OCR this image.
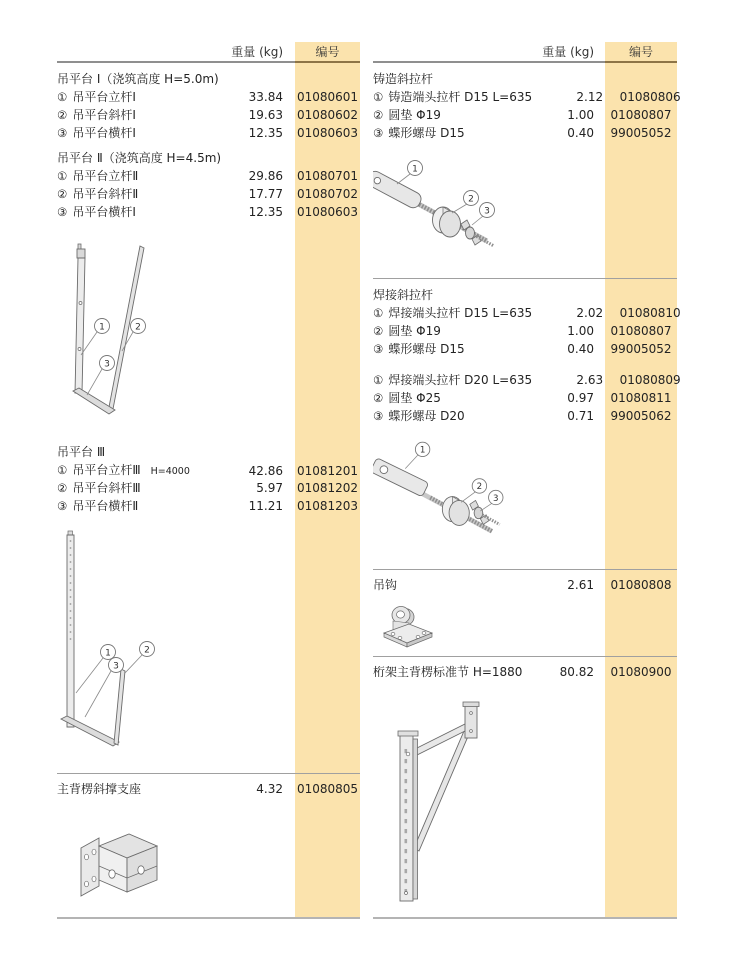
重量 (kg)	编号
吊平台 Ⅰ（浇筑高度 H=5.0m)
① 吊平台立杆Ⅰ	33.84 01080601
② 吊平台斜杆Ⅰ	19.63 01080602
③ 吊平台横杆Ⅰ	12.35 01080603
吊平台 Ⅱ（浇筑高度 H=4.5m)
① 吊平台立杆Ⅱ	29.86 01080701
② 吊平台斜杆Ⅱ	17.77 01080702
③ 吊平台横杆Ⅰ	12.35 01080603
1	2
3
吊平台 Ⅲ
① 吊平台立杆Ⅲ H=4000	42.86 01081201
② 吊平台斜杆Ⅲ	5.97 01081202
③ 吊平台横杆Ⅱ	11.21 01081203
1	2
3
主背楞斜撑支座	4.32 01080805
重量 (kg)	编号
铸造斜拉杆
① 铸造端头拉杆 D15 L=635	2.12	01080806
② 圆垫 Φ19	1.00	01080807
③ 蝶形螺母 D15	0.40	99005052
1
2
3
焊接斜拉杆
① 焊接端头拉杆 D15 L=635	2.02	01080810
② 圆垫 Φ19	1.00	01080807
③ 蝶形螺母 D15	0.40	99005052
① 焊接端头拉杆 D20 L=635	2.63	01080809
② 圆垫 Φ25	0.97	01080811
③ 蝶形螺母 D20	0.71	99005062
1
2
3
吊钩	2.61	01080808
桁架主背楞标准节 H=1880	80.82	01080900
